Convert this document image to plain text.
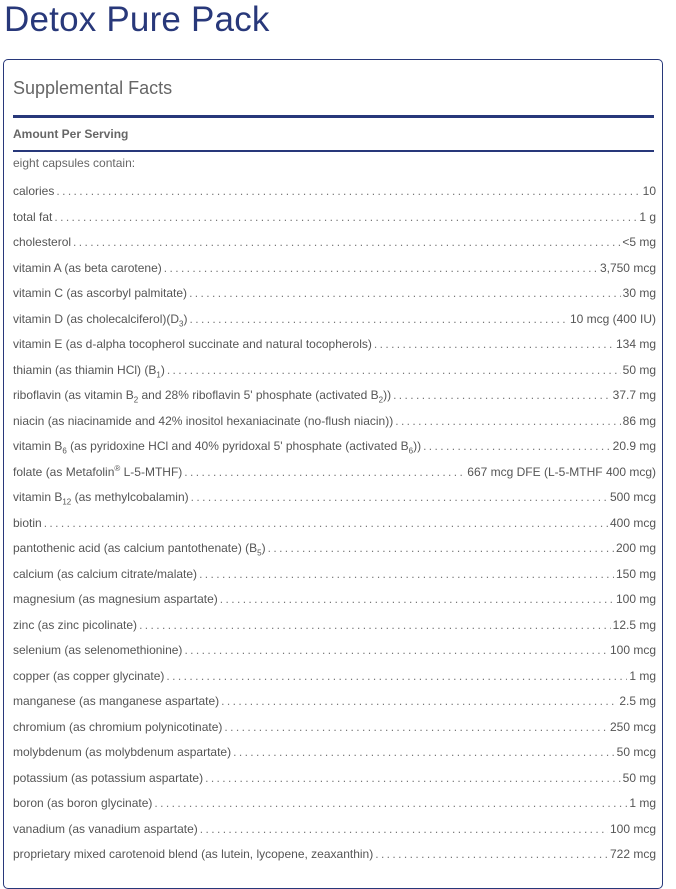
Detox Pure Pack
Supplemental Facts
Amount Per Serving
eight capsules contain:
calories .....	10
total fat .....	1 g
cholesterol .....	<5 mg
vitamin A (as beta carotene) .....	3,750 mcg
vitamin C (as ascorbyl palmitate) .....	30 mg
vitamin D (as $cholecalciferol)(D_3)$ .....	10 mcg (400 IU)
vitamin E (as d-alpha tocopherol succinate and natural tocopherols) .....	134 mg
thiamin (as thiamin HCl) $(B_1)$ .....	50 mg
riboflavin (as vitamin $B_2$ and 28% riboflavin 5' phosphate (activated $B_2$)) .....	37.7 mg
niacin (as niacinamide and 42% inositol hexaniacinate (no-flush niacin)) .....	86 mg
vitamin $B_6$ (as pyridoxine HCl and 40% pyridoxal 5' phosphate (activated $B_6$)) .....	20.9 mg
folate (as Metafolin® L-5-MTHF) .....	667 mcg DFE (L-5-MTHF 400 mcg)
vitamin $B_{12}$ (as methylcobalamin) .....	500 mcg
biotin .....	400 mcg
pantothenic acid (as calcium pantothenate) $(B_5)$ .....	200 mg
calcium (as calcium citrate/malate) .....	150 mg
magnesium (as magnesium aspartate) .....	100 mg
zinc (as zinc picolinate) .....	12.5 mg
selenium (as selenomethionine) .....	100 mcg
copper (as copper glycinate) .....	1 mg
manganese (as manganese aspartate) .....	2.5 mg
chromium (as chromium polynicotinate) .....	250 mcg
molybdenum (as molybdenum aspartate) .....	50 mcg
potassium (as potassium aspartate) .....	50 mg
boron (as boron glycinate) .....	1 mg
vanadium (as vanadium aspartate) .....	100 mcg
proprietary mixed carotenoid blend (as lutein, lycopene, zeaxanthin) .....	722 mcg
